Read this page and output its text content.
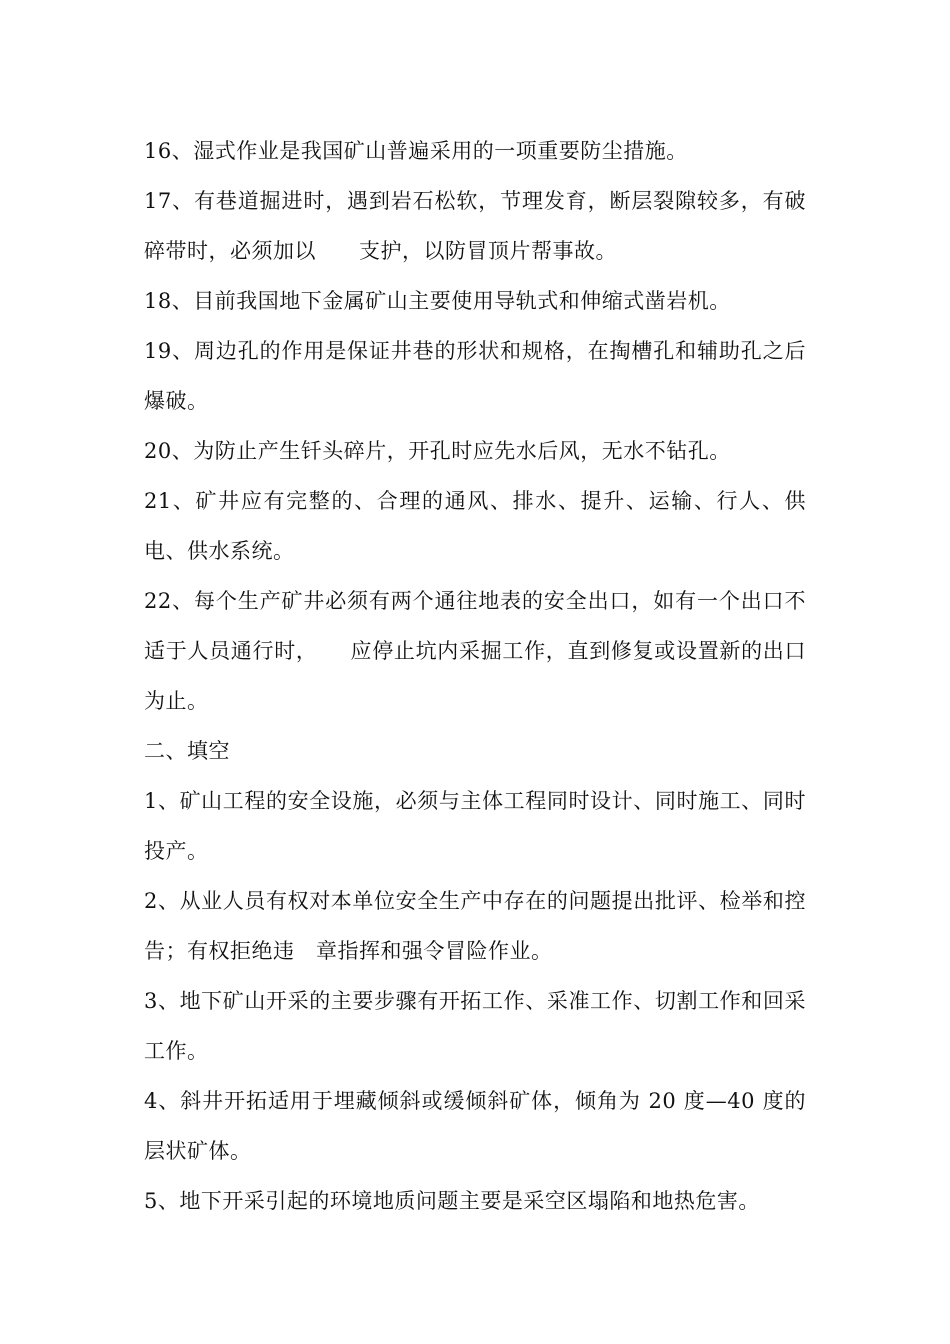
16、湿式作业是我国矿山普遍采用的一项重要防尘措施。

17、有巷道掘进时，遇到岩石松软，节理发育，断层裂隙较多，有破碎带时，必须加以　　支护，以防冒顶片帮事故。

18、目前我国地下金属矿山主要使用导轨式和伸缩式凿岩机。

19、周边孔的作用是保证井巷的形状和规格，在掏槽孔和辅助孔之后爆破。

20、为防止产生钎头碎片，开孔时应先水后风，无水不钻孔。

21、矿井应有完整的、合理的通风、排水、提升、运输、行人、供电、供水系统。

22、每个生产矿井必须有两个通往地表的安全出口，如有一个出口不适于人员通行时，　　应停止坑内采掘工作，直到修复或设置新的出口为止。

二、填空

1、矿山工程的安全设施，必须与主体工程同时设计、同时施工、同时投产。

2、从业人员有权对本单位安全生产中存在的问题提出批评、检举和控告；有权拒绝违　章指挥和强令冒险作业。

3、地下矿山开采的主要步骤有开拓工作、采准工作、切割工作和回采工作。

4、斜井开拓适用于埋藏倾斜或缓倾斜矿体，倾角为 20 度—40 度的层状矿体。

5、地下开采引起的环境地质问题主要是采空区塌陷和地热危害。
